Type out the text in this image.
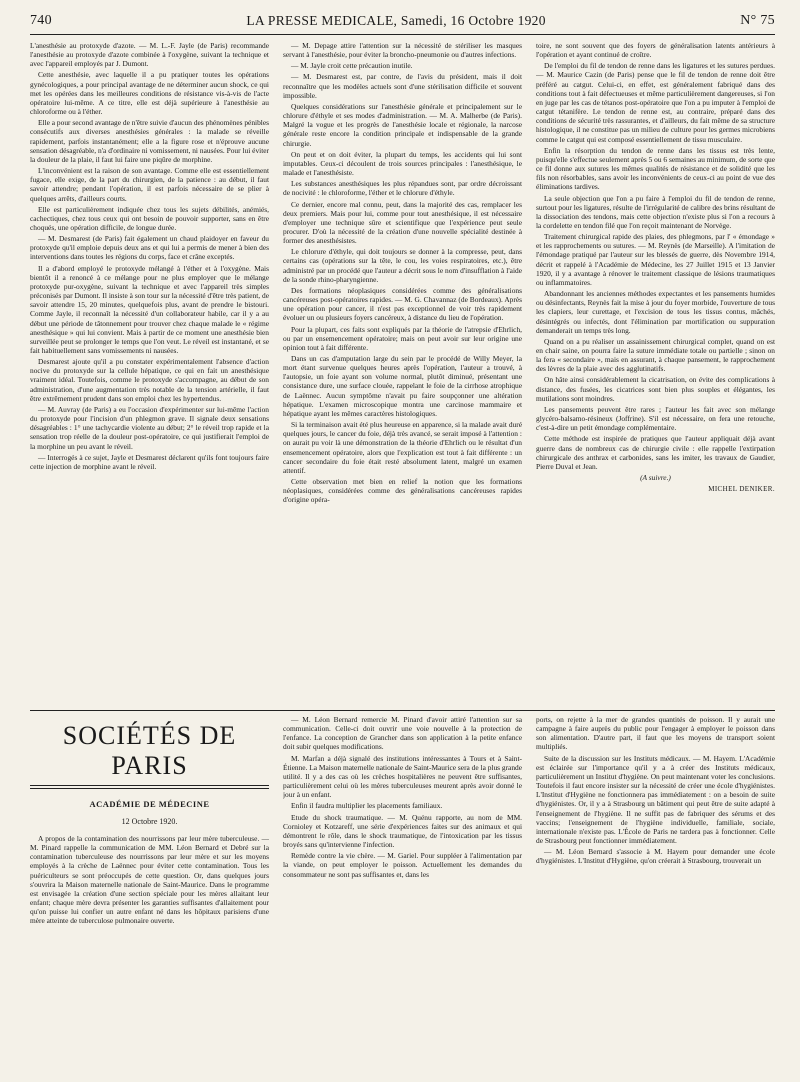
740	LA PRESSE MEDICALE, Samedi, 16 Octobre 1920	N° 75

L'anesthésie au protoxyde d'azote. — M. L.-F. Jayle (de Paris) recommande l'anesthésie au protoxyde d'azote combinée à l'oxygène, suivant la technique et avec l'appareil employés par J. Dumont.

Cette anesthésie, avec laquelle il a pu pratiquer toutes les opérations gynécologiques, a pour principal avantage de ne déterminer aucun shock, ce qui met les opérées dans les meilleures conditions de résistance vis-à-vis de l'acte opératoire lui-même. A ce titre, elle est déjà supérieure à l'anesthésie au chloroforme ou à l'éther.

Elle a pour second avantage de n'être suivie d'aucun des phénomènes pénibles consécutifs aux diverses anesthésies générales : la malade se réveille rapidement, parfois instantanément; elle a la figure rose et n'éprouve aucune sensation désagréable, n'a d'ordinaire ni vomissement, ni nausées. Pour lui éviter la douleur de la plaie, il faut lui faire une piqûre de morphine.

L'inconvénient est la raison de son avantage. Comme elle est essentiellement fugace, elle exige, de la part du chirurgien, de la patience : au début, il faut savoir attendre; pendant l'opération, il est parfois nécessaire de se plier à quelques arrêts, d'ailleurs courts.

Elle est particulièrement indiquée chez tous les sujets débilités, anémiés, cachectiques, chez tous ceux qui ont besoin de pouvoir supporter, sans en être choqués, une opération difficile, de longue durée.

— M. Desmarest (de Paris) fait également un chaud plaidoyer en faveur du protoxyde qu'il emploie depuis deux ans et qui lui a permis de mener à bien des interventions dans toutes les régions du corps, face et crâne exceptés.

Il a d'abord employé le protoxyde mélangé à l'éther et à l'oxygène. Mais bientôt il a renoncé à ce mélange pour ne plus employer que le mélange protoxyde pur-oxygène, suivant la technique et avec l'appareil très simples préconisés par Dumont. Il insiste à son tour sur la nécessité d'être très patient, de savoir attendre 15, 20 minutes, quelquefois plus, avant de prendre le bistouri. Comme Jayle, il reconnaît la nécessité d'un collaborateur habile, car il y a au début une période de tâtonnement pour trouver chez chaque malade le « régime anesthésique » qui lui convient. Mais à partir de ce moment une anesthésie bien surveillée peut se prolonger le temps que l'on veut. Le réveil est instantané, et se fait habituellement sans vomissements ni nausées.

Desmarest ajoute qu'il a pu constater expérimentalement l'absence d'action nocive du protoxyde sur la cellule hépatique, ce qui en fait un anesthésique vraiment idéal. Toutefois, comme le protoxyde s'accompagne, au début de son administration, d'une augmentation très notable de la tension artérielle, il faut être extrêmement prudent dans son emploi chez les hypertendus.

— M. Auvray (de Paris) a eu l'occasion d'expérimenter sur lui-même l'action du protoxyde pour l'incision d'un phlegmon grave. Il signale deux sensations désagréables : 1° une tachycardie violente au début; 2° le réveil trop rapide et la sensation trop réelle de la douleur post-opératoire, ce qui justifierait l'emploi de la morphine un peu avant le réveil.

— Interrogés à ce sujet, Jayle et Desmarest déclarent qu'ils font toujours faire cette injection de morphine avant le réveil.

— M. Depage attire l'attention sur la nécessité de stériliser les masques servant à l'anesthésie, pour éviter la broncho-pneumonie ou d'autres infections.

— M. Jayle croit cette précaution inutile.

— M. Desmarest est, par contre, de l'avis du président, mais il doit reconnaître que les modèles actuels sont d'une stérilisation difficile et souvent impossible.

Quelques considérations sur l'anesthésie générale et principalement sur le chlorure d'éthyle et ses modes d'administration. — M. A. Malherbe (de Paris). Malgré la vogue et les progrès de l'anesthésie locale et régionale, la narcose générale reste encore la condition principale et indispensable de la grande chirurgie.

On peut et on doit éviter, la plupart du temps, les accidents qui lui sont imputables. Ceux-ci découlent de trois sources principales : l'anesthésique, le malade et l'anesthésiste.

Les substances anesthésiques les plus répandues sont, par ordre décroissant de nocivité : le chloroforme, l'éther et le chlorure d'éthyle.

Ce dernier, encore mal connu, peut, dans la majorité des cas, remplacer les deux premiers. Mais pour lui, comme pour tout anesthésique, il est nécessaire d'employer une technique sûre et scientifique que l'expérience peut seule procurer. D'où la nécessité de la création d'une nouvelle spécialité destinée à former des anesthésistes.

Le chlorure d'éthyle, qui doit toujours se donner à la compresse, peut, dans certains cas (opérations sur la tête, le cou, les voies respiratoires, etc.), être administré par un procédé que l'auteur a décrit sous le nom d'insufflation à l'aide de la sonde rhino-pharyngienne.

Des formations néoplasiques considérées comme des généralisations cancéreuses post-opératoires rapides. — M. G. Chavannaz (de Bordeaux). Après une opération pour cancer, il n'est pas exceptionnel de voir très rapidement évoluer un ou plusieurs foyers cancéreux, à distance du lieu de l'opération.

Pour la plupart, ces faits sont expliqués par la théorie de l'atrepsie d'Ehrlich, ou par un ensemencement opératoire; mais on peut avoir sur leur origine une opinion tout à fait différente.

Dans un cas d'amputation large du sein par le procédé de Willy Meyer, la mort étant survenue quelques heures après l'opération, l'auteur a trouvé, à l'autopsie, un foie ayant son volume normal, plutôt diminué, présentant une consistance dure, une surface clouée, rappelant le foie de la cirrhose atrophique de Laënnec. Aucun symptôme n'avait pu faire soupçonner une altération hépatique. L'examen microscopique montra une carcinose mammaire et hépatique ayant les mêmes caractères histologiques.

Si la terminaison avait été plus heureuse en apparence, si la malade avait duré quelques jours, le cancer du foie, déjà très avancé, se serait imposé à l'attention : on aurait pu voir là une démonstration de la théorie d'Ehrlich ou le résultat d'un ensemencement opératoire, alors que l'explication est tout à fait différente : un cancer secondaire du foie était resté absolument latent, malgré un examen attentif.

Cette observation met bien en relief la notion que les formations néoplasiques, considérées comme des généralisations cancéreuses rapides d'origine opéra-

toire, ne sont souvent que des foyers de généralisation latents antérieurs à l'opération et ayant continué de croître.

De l'emploi du fil de tendon de renne dans les ligatures et les sutures perdues. — M. Maurice Cazin (de Paris) pense que le fil de tendon de renne doit être préféré au catgut. Celui-ci, en effet, est généralement fabriqué dans des conditions tout à fait défectueuses et même particulièrement dangereuses, si l'on en juge par les cas de tétanos post-opératoire que l'on a pu imputer à l'emploi de catgut tétanifère. Le tendon de renne est, au contraire, préparé dans des conditions de sécurité très rassurantes, et d'ailleurs, du fait même de sa structure histologique, il ne constitue pas un milieu de culture pour les germes microbiens comme le catgut qui est composé essentiellement de tissu musculaire.

Enfin la résorption du tendon de renne dans les tissus est très lente, puisqu'elle s'effectue seulement après 5 ou 6 semaines au minimum, de sorte que ce fil donne aux sutures les mêmes qualités de résistance et de solidité que les fils non résorbables, sans avoir les inconvénients de ceux-ci au point de vue des éliminations tardives.

La seule objection que l'on a pu faire à l'emploi du fil de tendon de renne, surtout pour les ligatures, résulte de l'irrégularité de calibre des brins résultant de la dissociation des tendons, mais cette objection n'existe plus si l'on a recours à la cordelette en tendon filé que l'on reçoit maintenant de Norvège.

Traitement chirurgical rapide des plaies, des phlegmons, par l' « émondage » et les rapprochements ou sutures. — M. Reynès (de Marseille). A l'imitation de l'émondage pratiqué par l'auteur sur les blessés de guerre, dès Novembre 1914, décrit et rappelé à l'Académie de Médecine, les 27 Juillet 1915 et 13 Janvier 1920, il y a avantage à rénover le traitement classique de lésions traumatiques ou inflammatoires.

Abandonnant les anciennes méthodes expectantes et les pansements humides ou désinfectants, Reynès fait la mise à jour du foyer morbide, l'ouverture de tous les clapiers, leur curettage, et l'excision de tous les tissus contus, mâchés, désintégrés ou infectés, dont l'élimination par mortification ou suppuration demanderait un temps très long.

Quand on a pu réaliser un assainissement chirurgical complet, quand on est en chair saine, on pourra faire la suture immédiate totale ou partielle ; sinon on la fera « secondaire », mais en assurant, à chaque pansement, le rapprochement des lèvres de la plaie avec des agglutinatifs.

On hâte ainsi considérablement la cicatrisation, on évite des complications à distance, des fusées, les cicatrices sont bien plus souples et élégantes, les mutilations sont moindres.

Les pansements peuvent être rares ; l'auteur les fait avec son mélange glycéro-balsamo-résineux (Joffrine). S'il est nécessaire, on fera une retouche, c'est-à-dire un petit émondage complémentaire.

Cette méthode est inspirée de pratiques que l'auteur appliquait déjà avant guerre dans de nombreux cas de chirurgie civile : elle rappelle l'extirpation chirurgicale des anthrax et carbonides, sans les imiter, les travaux de Gaudier, Pierre Duval et Jean.

(A suivre.)
MICHEL DENIKER.
SOCIÉTÉS DE PARIS
ACADÉMIE DE MÉDECINE
12 Octobre 1920.

A propos de la contamination des nourrissons par leur mère tuberculeuse. — M. Pinard rappelle la communication de MM. Léon Bernard et Debré sur la contamination tuberculeuse des nourrissons par leur mère et sur les moyens employés à la crèche de Laënnec pour éviter cette contamination. Tous les puériculteurs se sont préoccupés de cette question. Or, dans quelques jours s'ouvrira la Maison maternelle nationale de Saint-Maurice. Dans le programme est envisagée la création d'une section spéciale pour les mères allaitant leur enfant; chaque mère devra présenter les garanties suffisantes d'allaitement pour qu'on puisse lui confier un autre enfant né dans les hôpitaux parisiens d'une mère atteinte de tuberculose pulmonaire ouverte.

— M. Léon Bernard remercie M. Pinard d'avoir attiré l'attention sur sa communication. Celle-ci doit ouvrir une voie nouvelle à la protection de l'enfance. La conception de Grancher dans son application à la petite enfance doit subir quelques modifications.

M. Marfan a déjà signalé des institutions intéressantes à Tours et à Saint-Étienne. La Maison maternelle nationale de Saint-Maurice sera de la plus grande utilité. Il y a des cas où les crèches hospitalières ne peuvent être suffisantes, particulièrement celui où les mères tuberculeuses meurent après avoir donné le jour à un enfant.

Enfin il faudra multiplier les placements familiaux.

Etude du shock traumatique. — M. Quénu rapporte, au nom de MM. Cornioley et Kotzareff, une série d'expériences faites sur des animaux et qui démontrent le rôle, dans le shock traumatique, de l'intoxication par les tissus broyés sans qu'intervienne l'infection.

Remède contre la vie chère. — M. Gariel. Pour suppléer à l'alimentation par la viande, on peut employer le poisson. Actuellement les demandes du consommateur ne sont pas suffisantes et, dans les

ports, on rejette à la mer de grandes quantités de poisson. Il y aurait une campagne à faire auprès du public pour l'engager à employer le poisson dans son alimentation. D'autre part, il faut que les moyens de transport soient multipliés.

Suite de la discussion sur les Instituts médicaux. — M. Hayem. L'Académie est éclairée sur l'importance qu'il y a à créer des Instituts médicaux, particulièrement un Institut d'hygiène. On peut maintenant voter les conclusions. Toutefois il faut encore insister sur la nécessité de créer une école d'hygiénistes. L'Institut d'Hygiène ne fonctionnera pas immédiatement : on a besoin de suite d'hygiénistes. Or, il y a à Strasbourg un bâtiment qui peut être de suite adapté à l'enseignement de l'hygiène. Il ne suffit pas de fabriquer des sérums et des vaccins; l'enseignement de l'hygiène individuelle, familiale, sociale, internationale n'existe pas. L'École de Paris ne tardera pas à fonctionner. Celle de Strasbourg peut fonctionner immédiatement.

— M. Léon Bernard s'associe à M. Hayem pour demander une école d'hygiénistes. L'Institut d'Hygiène, qu'on créerait à Strasbourg, trouverait un
